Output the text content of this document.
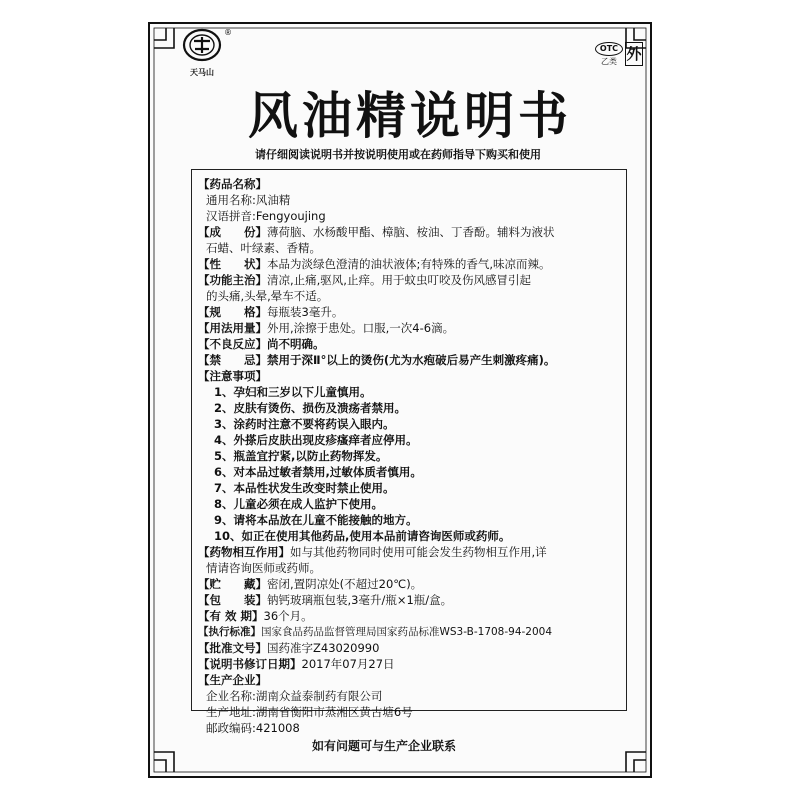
天马山
®
OTC
乙类 外
风油精说明书
请仔细阅读说明书并按说明使用或在药师指导下购买和使用
【药品名称】
通用名称:风油精
汉语拼音:Fengyoujing
【成　　份】薄荷脑、水杨酸甲酯、樟脑、桉油、丁香酚。辅料为液状
石蜡、叶绿素、香精。
【性　　状】本品为淡绿色澄清的油状液体;有特殊的香气,味凉而辣。
【功能主治】清凉,止痛,驱风,止痒。用于蚊虫叮咬及伤风感冒引起
的头痛,头晕,晕车不适。
【规　　格】每瓶装3毫升。
【用法用量】外用,涂擦于患处。口服,一次4-6滴。
【不良反应】尚不明确。
【禁　　忌】禁用于深Ⅱ°以上的烫伤(尤为水疱破后易产生刺激疼痛)。
【注意事项】
1、孕妇和三岁以下儿童慎用。
2、皮肤有烫伤、损伤及溃疡者禁用。
3、涂药时注意不要将药误入眼内。
4、外搽后皮肤出现皮疹瘙痒者应停用。
5、瓶盖宜拧紧,以防止药物挥发。
6、对本品过敏者禁用,过敏体质者慎用。
7、本品性状发生改变时禁止使用。
8、儿童必须在成人监护下使用。
9、请将本品放在儿童不能接触的地方。
10、如正在使用其他药品,使用本品前请咨询医师或药师。
【药物相互作用】如与其他药物同时使用可能会发生药物相互作用,详
情请咨询医师或药师。
【贮　　藏】密闭,置阴凉处(不超过20℃)。
【包　　装】钠钙玻璃瓶包装,3毫升/瓶×1瓶/盒。
【有 效 期】36个月。
【执行标准】国家食品药品监督管理局国家药品标准WS3-B-1708-94-2004
【批准文号】国药准字Z43020990
【说明书修订日期】2017年07月27日
【生产企业】
企业名称:湖南众益泰制药有限公司
生产地址:湖南省衡阳市蒸湘区黄古塘6号
邮政编码:421008
如有问题可与生产企业联系
